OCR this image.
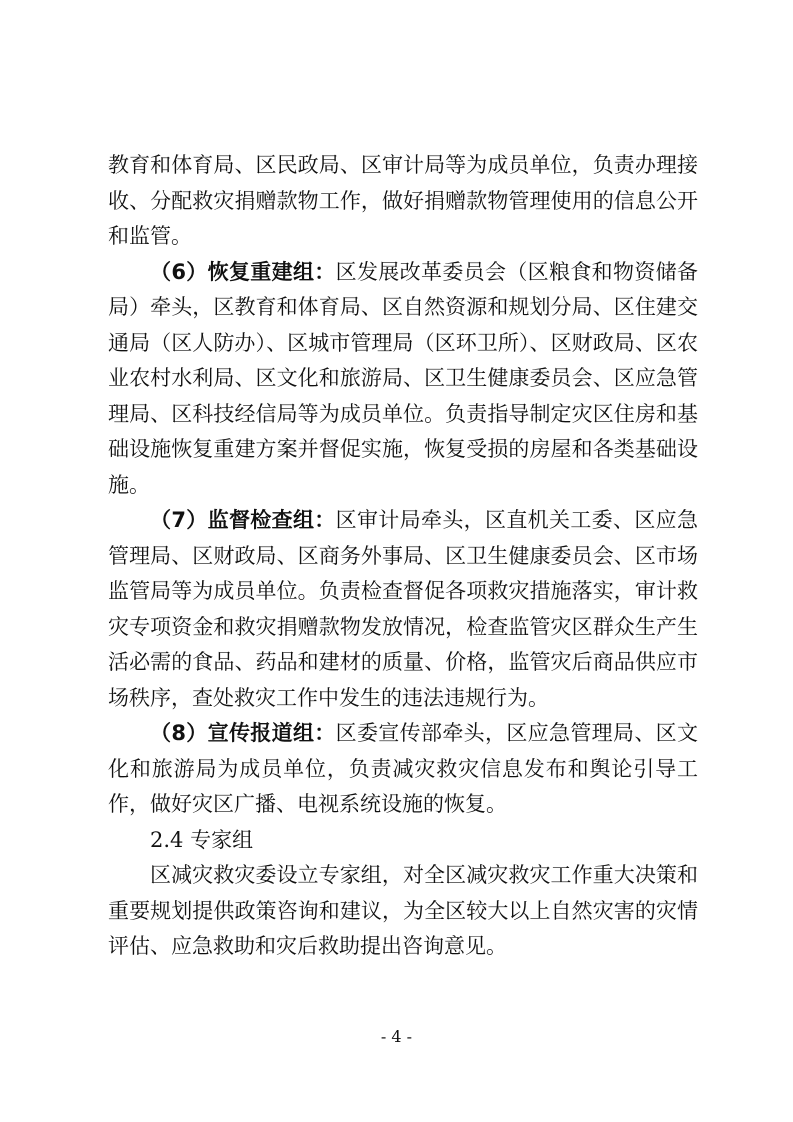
教育和体育局、区民政局、区审计局等为成员单位，负责办理接收、分配救灾捐赠款物工作，做好捐赠款物管理使用的信息公开和监管。

（6）恢复重建组：区发展改革委员会（区粮食和物资储备局）牵头，区教育和体育局、区自然资源和规划分局、区住建交通局（区人防办）、区城市管理局（区环卫所）、区财政局、区农业农村水利局、区文化和旅游局、区卫生健康委员会、区应急管理局、区科技经信局等为成员单位。负责指导制定灾区住房和基础设施恢复重建方案并督促实施，恢复受损的房屋和各类基础设施。

（7）监督检查组：区审计局牵头，区直机关工委、区应急管理局、区财政局、区商务外事局、区卫生健康委员会、区市场监管局等为成员单位。负责检查督促各项救灾措施落实，审计救灾专项资金和救灾捐赠款物发放情况，检查监管灾区群众生产生活必需的食品、药品和建材的质量、价格，监管灾后商品供应市场秩序，查处救灾工作中发生的违法违规行为。

（8）宣传报道组：区委宣传部牵头，区应急管理局、区文化和旅游局为成员单位，负责减灾救灾信息发布和舆论引导工作，做好灾区广播、电视系统设施的恢复。

2.4 专家组

区减灾救灾委设立专家组，对全区减灾救灾工作重大决策和重要规划提供政策咨询和建议，为全区较大以上自然灾害的灾情评估、应急救助和灾后救助提出咨询意见。

- 4 -
